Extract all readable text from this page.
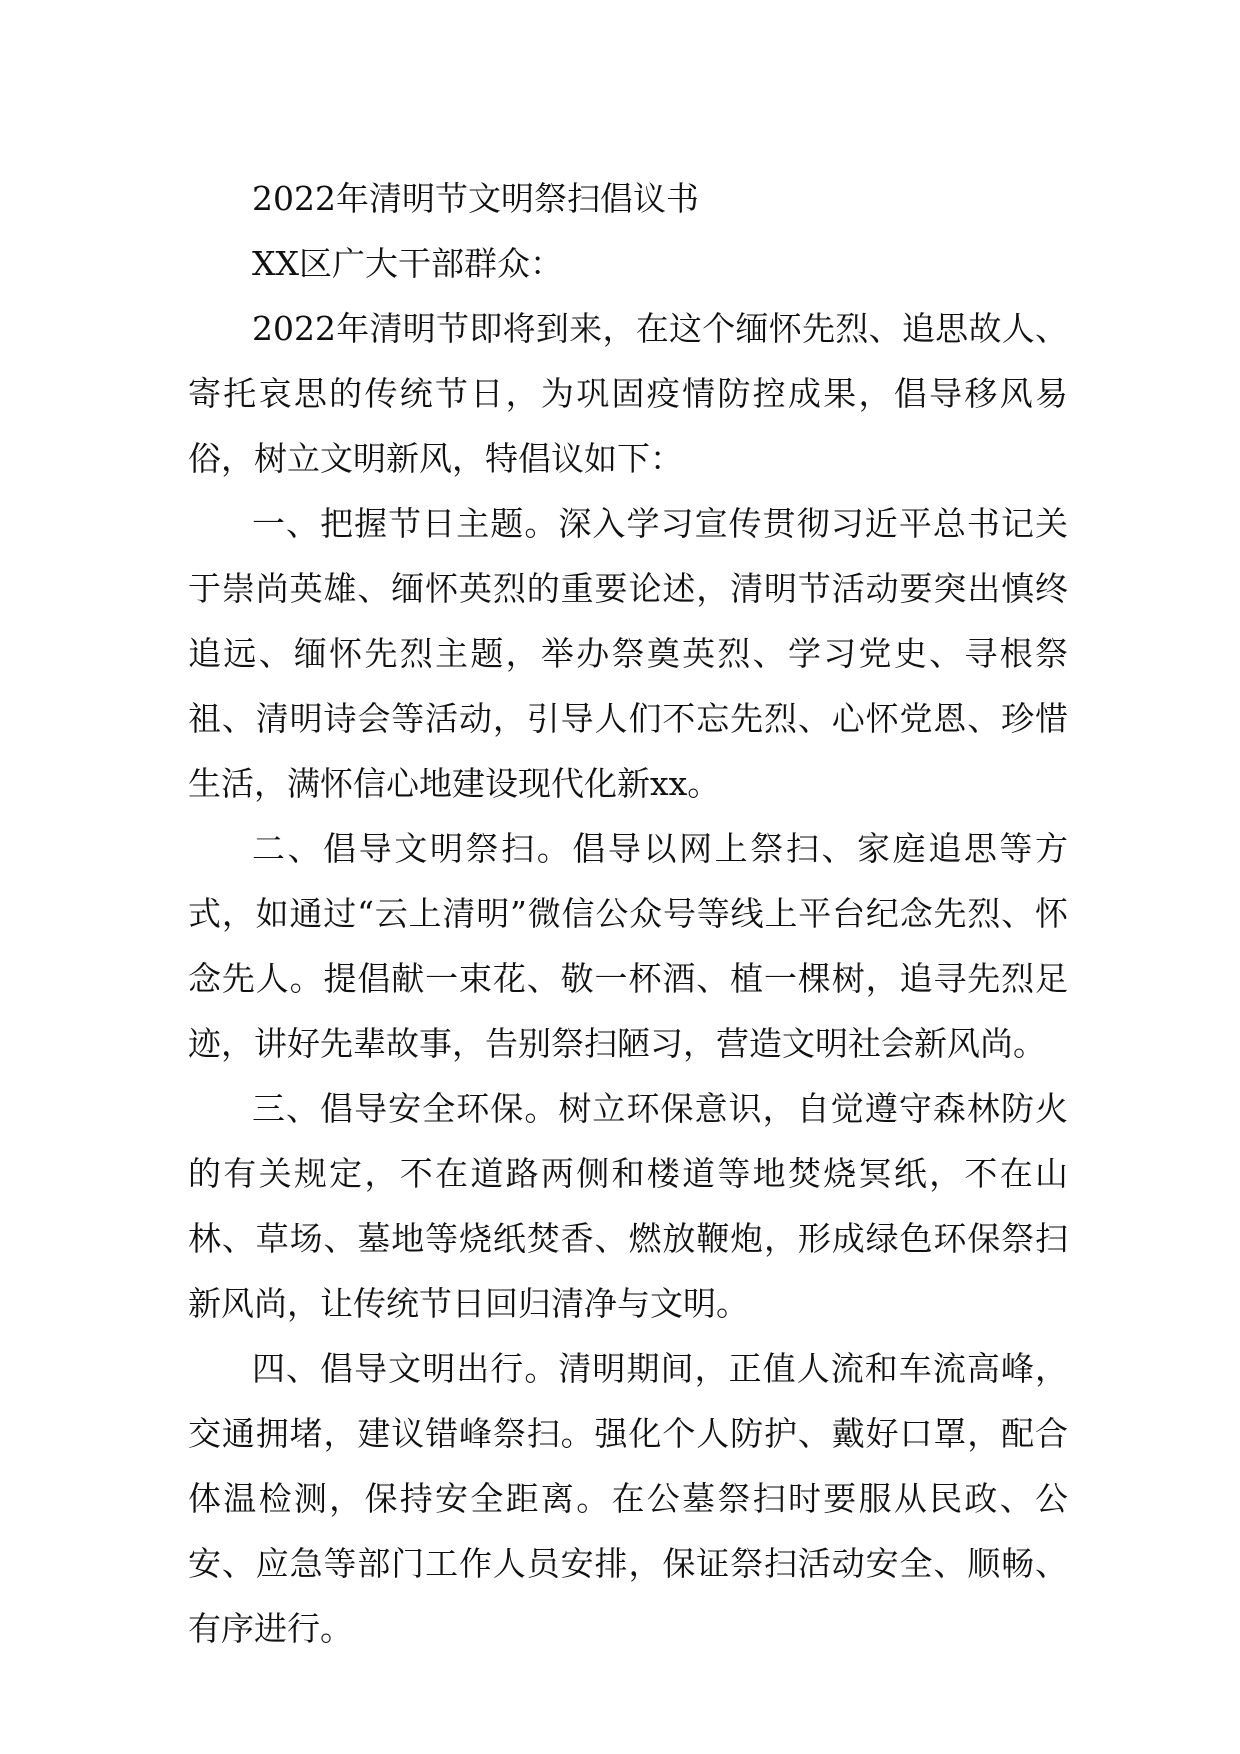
2022年清明节文明祭扫倡议书

XX区广大干部群众：

2022年清明节即将到来，在这个缅怀先烈、追思故人、寄托哀思的传统节日，为巩固疫情防控成果，倡导移风易俗，树立文明新风，特倡议如下：

一、把握节日主题。深入学习宣传贯彻习近平总书记关于崇尚英雄、缅怀英烈的重要论述，清明节活动要突出慎终追远、缅怀先烈主题，举办祭奠英烈、学习党史、寻根祭祖、清明诗会等活动，引导人们不忘先烈、心怀党恩、珍惜生活，满怀信心地建设现代化新xx。

二、倡导文明祭扫。倡导以网上祭扫、家庭追思等方式，如通过“云上清明”微信公众号等线上平台纪念先烈、怀念先人。提倡献一束花、敬一杯酒、植一棵树，追寻先烈足迹，讲好先辈故事，告别祭扫陋习，营造文明社会新风尚。

三、倡导安全环保。树立环保意识，自觉遵守森林防火的有关规定，不在道路两侧和楼道等地焚烧冥纸，不在山林、草场、墓地等烧纸焚香、燃放鞭炮，形成绿色环保祭扫新风尚，让传统节日回归清净与文明。

四、倡导文明出行。清明期间，正值人流和车流高峰，交通拥堵，建议错峰祭扫。强化个人防护、戴好口罩，配合体温检测，保持安全距离。在公墓祭扫时要服从民政、公安、应急等部门工作人员安排，保证祭扫活动安全、顺畅、有序进行。
